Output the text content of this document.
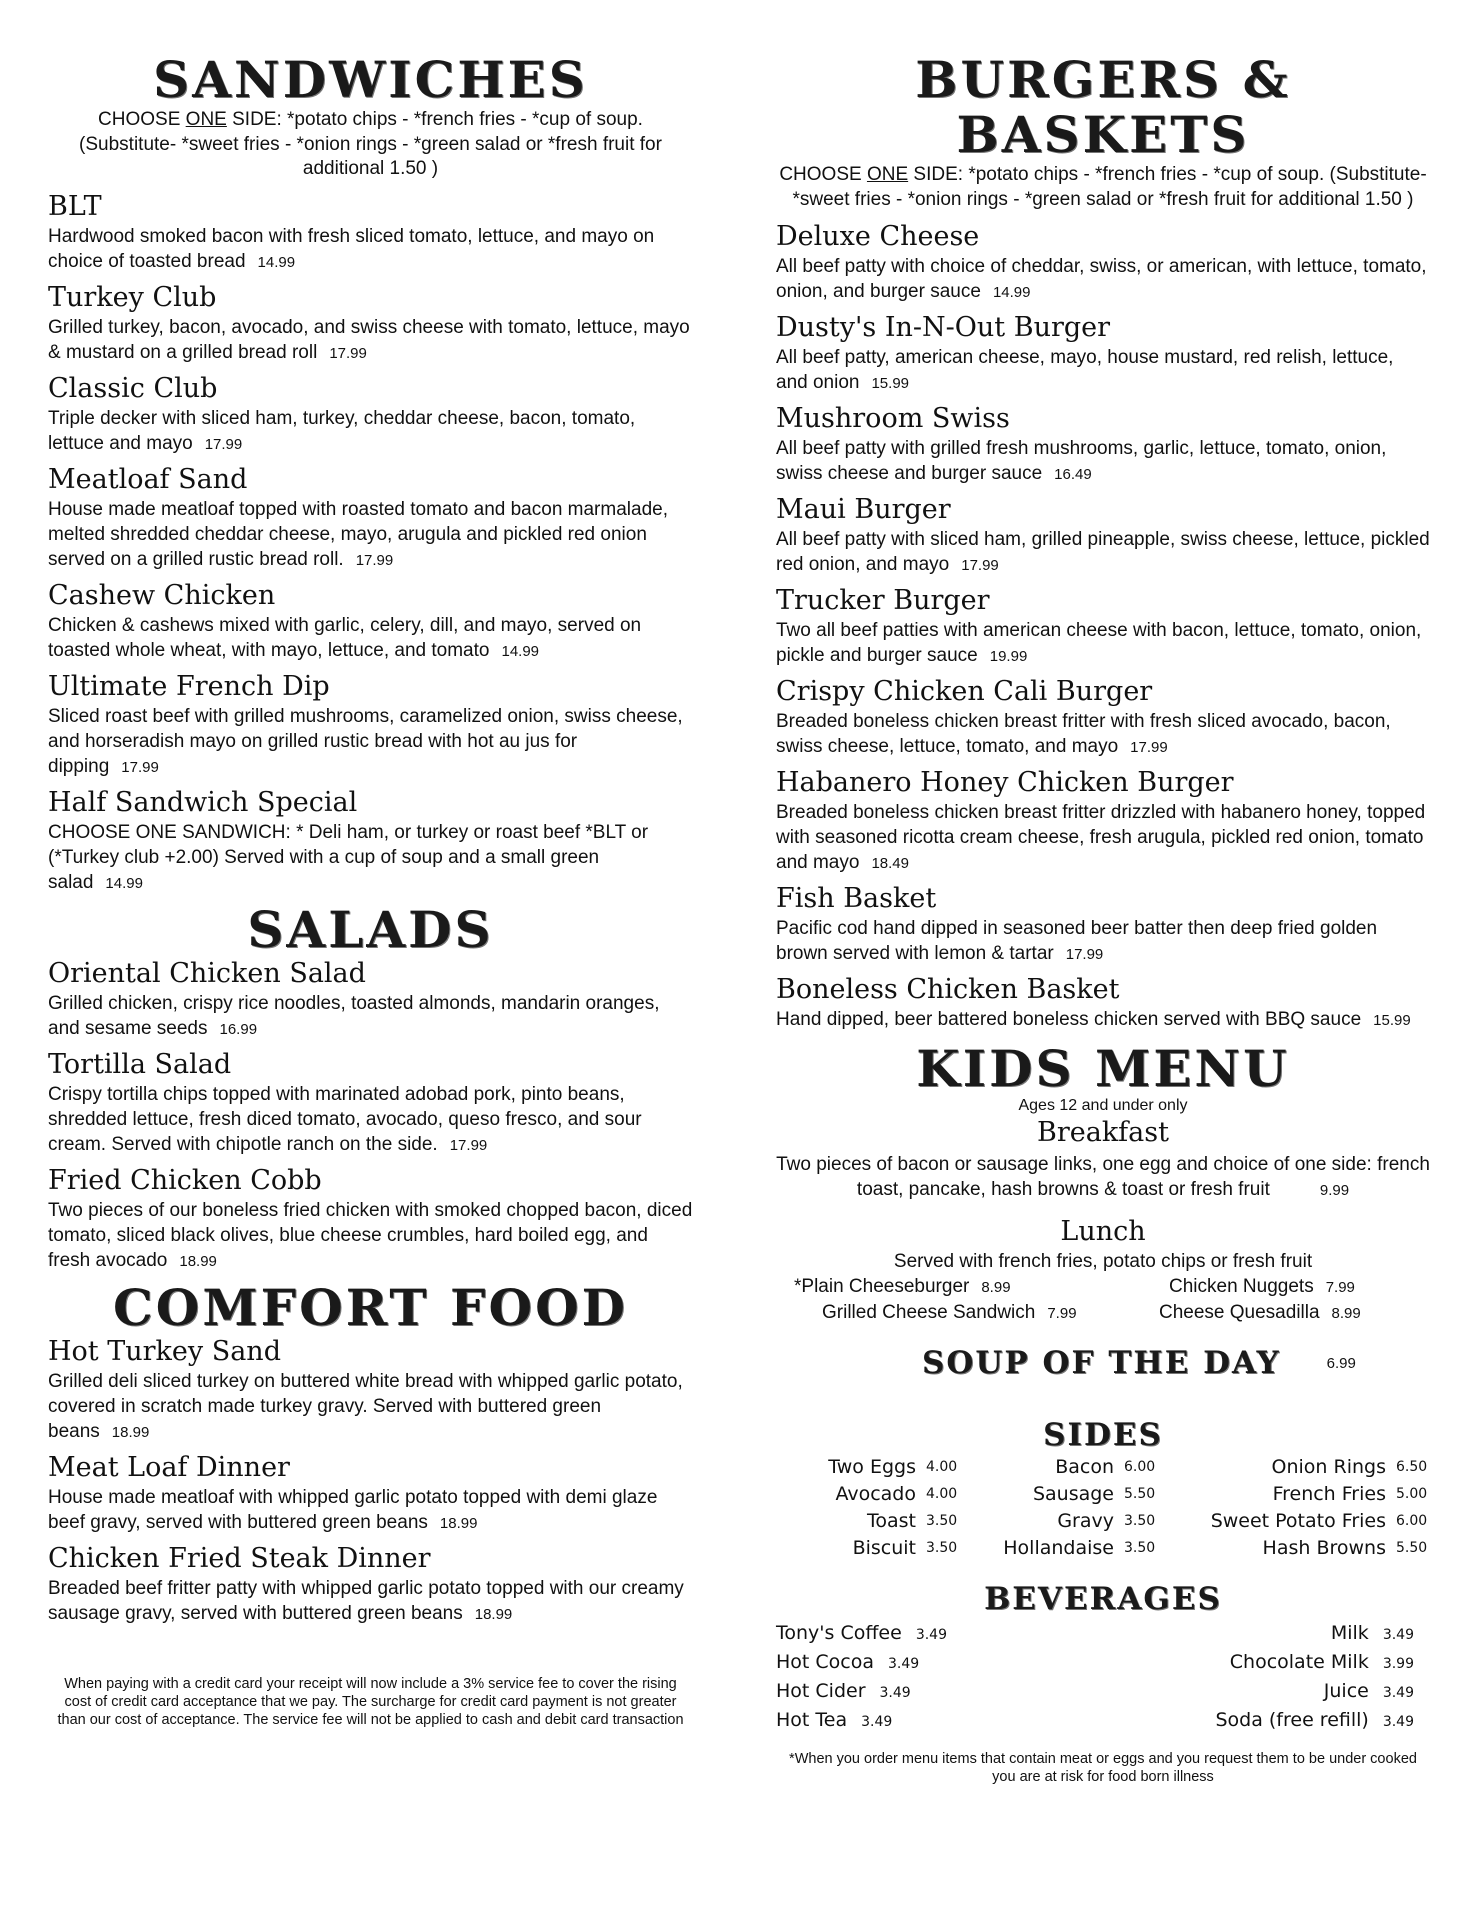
SANDWICHES

CHOOSE ONE SIDE: *potato chips - *french fries - *cup of soup. (Substitute- *sweet fries - *onion rings - *green salad or *fresh fruit for additional 1.50 )

BLT

Hardwood smoked bacon with fresh sliced tomato, lettuce, and mayo on choice of toasted bread 14.99

Turkey Club

Grilled turkey, bacon, avocado, and swiss cheese with tomato, lettuce, mayo & mustard on a grilled bread roll 17.99

Classic Club

Triple decker with sliced ham, turkey, cheddar cheese, bacon, tomato, lettuce and mayo 17.99

Meatloaf Sand

House made meatloaf topped with roasted tomato and bacon marmalade, melted shredded cheddar cheese, mayo, arugula and pickled red onion served on a grilled rustic bread roll. 17.99

Cashew Chicken

Chicken & cashews mixed with garlic, celery, dill, and mayo, served on toasted whole wheat, with mayo, lettuce, and tomato 14.99

Ultimate French Dip

Sliced roast beef with grilled mushrooms, caramelized onion, swiss cheese, and horseradish mayo on grilled rustic bread with hot au jus for dipping 17.99

Half Sandwich Special

CHOOSE ONE SANDWICH: * Deli ham, or turkey or roast beef *BLT or (*Turkey club +2.00) Served with a cup of soup and a small green salad 14.99

SALADS
Oriental Chicken Salad

Grilled chicken, crispy rice noodles, toasted almonds, mandarin oranges, and sesame seeds 16.99

Tortilla Salad

Crispy tortilla chips topped with marinated adobad pork, pinto beans, shredded lettuce, fresh diced tomato, avocado, queso fresco, and sour cream. Served with chipotle ranch on the side. 17.99

Fried Chicken Cobb

Two pieces of our boneless fried chicken with smoked chopped bacon, diced tomato, sliced black olives, blue cheese crumbles, hard boiled egg, and fresh avocado 18.99

COMFORT FOOD
Hot Turkey Sand

Grilled deli sliced turkey on buttered white bread with whipped garlic potato, covered in scratch made turkey gravy. Served with buttered green beans 18.99

Meat Loaf Dinner

House made meatloaf with whipped garlic potato topped with demi glaze beef gravy, served with buttered green beans 18.99

Chicken Fried Steak Dinner

Breaded beef fritter patty with whipped garlic potato topped with our creamy sausage gravy, served with buttered green beans 18.99

When paying with a credit card your receipt will now include a 3% service fee to cover the rising cost of credit card acceptance that we pay. The surcharge for credit card payment is not greater than our cost of acceptance. The service fee will not be applied to cash and debit card transaction

BURGERS & BASKETS

CHOOSE ONE SIDE: *potato chips - *french fries - *cup of soup. (Substitute- *sweet fries - *onion rings - *green salad or *fresh fruit for additional 1.50 )

Deluxe Cheese

All beef patty with choice of cheddar, swiss, or american, with lettuce, tomato, onion, and burger sauce 14.99

Dusty's In-N-Out Burger

All beef patty, american cheese, mayo, house mustard, red relish, lettuce, and onion 15.99

Mushroom Swiss

All beef patty with grilled fresh mushrooms, garlic, lettuce, tomato, onion, swiss cheese and burger sauce 16.49

Maui Burger

All beef patty with sliced ham, grilled pineapple, swiss cheese, lettuce, pickled red onion, and mayo 17.99

Trucker Burger

Two all beef patties with american cheese with bacon, lettuce, tomato, onion, pickle and burger sauce 19.99

Crispy Chicken Cali Burger

Breaded boneless chicken breast fritter with fresh sliced avocado, bacon, swiss cheese, lettuce, tomato, and mayo 17.99

Habanero Honey Chicken Burger

Breaded boneless chicken breast fritter drizzled with habanero honey, topped with seasoned ricotta cream cheese, fresh arugula, pickled red onion, tomato and mayo 18.49

Fish Basket

Pacific cod hand dipped in seasoned beer batter then deep fried golden brown served with lemon & tartar 17.99

Boneless Chicken Basket

Hand dipped, beer battered boneless chicken served with BBQ sauce 15.99

KIDS MENU
Ages 12 and under only
Breakfast

Two pieces of bacon or sausage links, one egg and choice of one side: french toast, pancake, hash browns & toast or fresh fruit	9.99

Lunch
Served with french fries, potato chips or fresh fruit
*Plain Cheeseburger 8.99	Chicken Nuggets 7.99
Grilled Cheese Sandwich 7.99	Cheese Quesadilla 8.99
SOUP OF THE DAY	6.99
SIDES
Two Eggs 4.00	Bacon 6.00	Onion Rings 6.50
Avocado 4.00	Sausage 5.50	French Fries 5.00
Toast 3.50	Gravy 3.50	Sweet Potato Fries 6.00
Biscuit 3.50	Hollandaise 3.50	Hash Browns 5.50
BEVERAGES
Tony's Coffee 3.49	Milk 3.49
Hot Cocoa 3.49	Chocolate Milk 3.99
Hot Cider 3.49	Juice 3.49
Hot Tea 3.49	Soda (free refill) 3.49

*When you order menu items that contain meat or eggs and you request them to be under cooked you are at risk for food born illness
